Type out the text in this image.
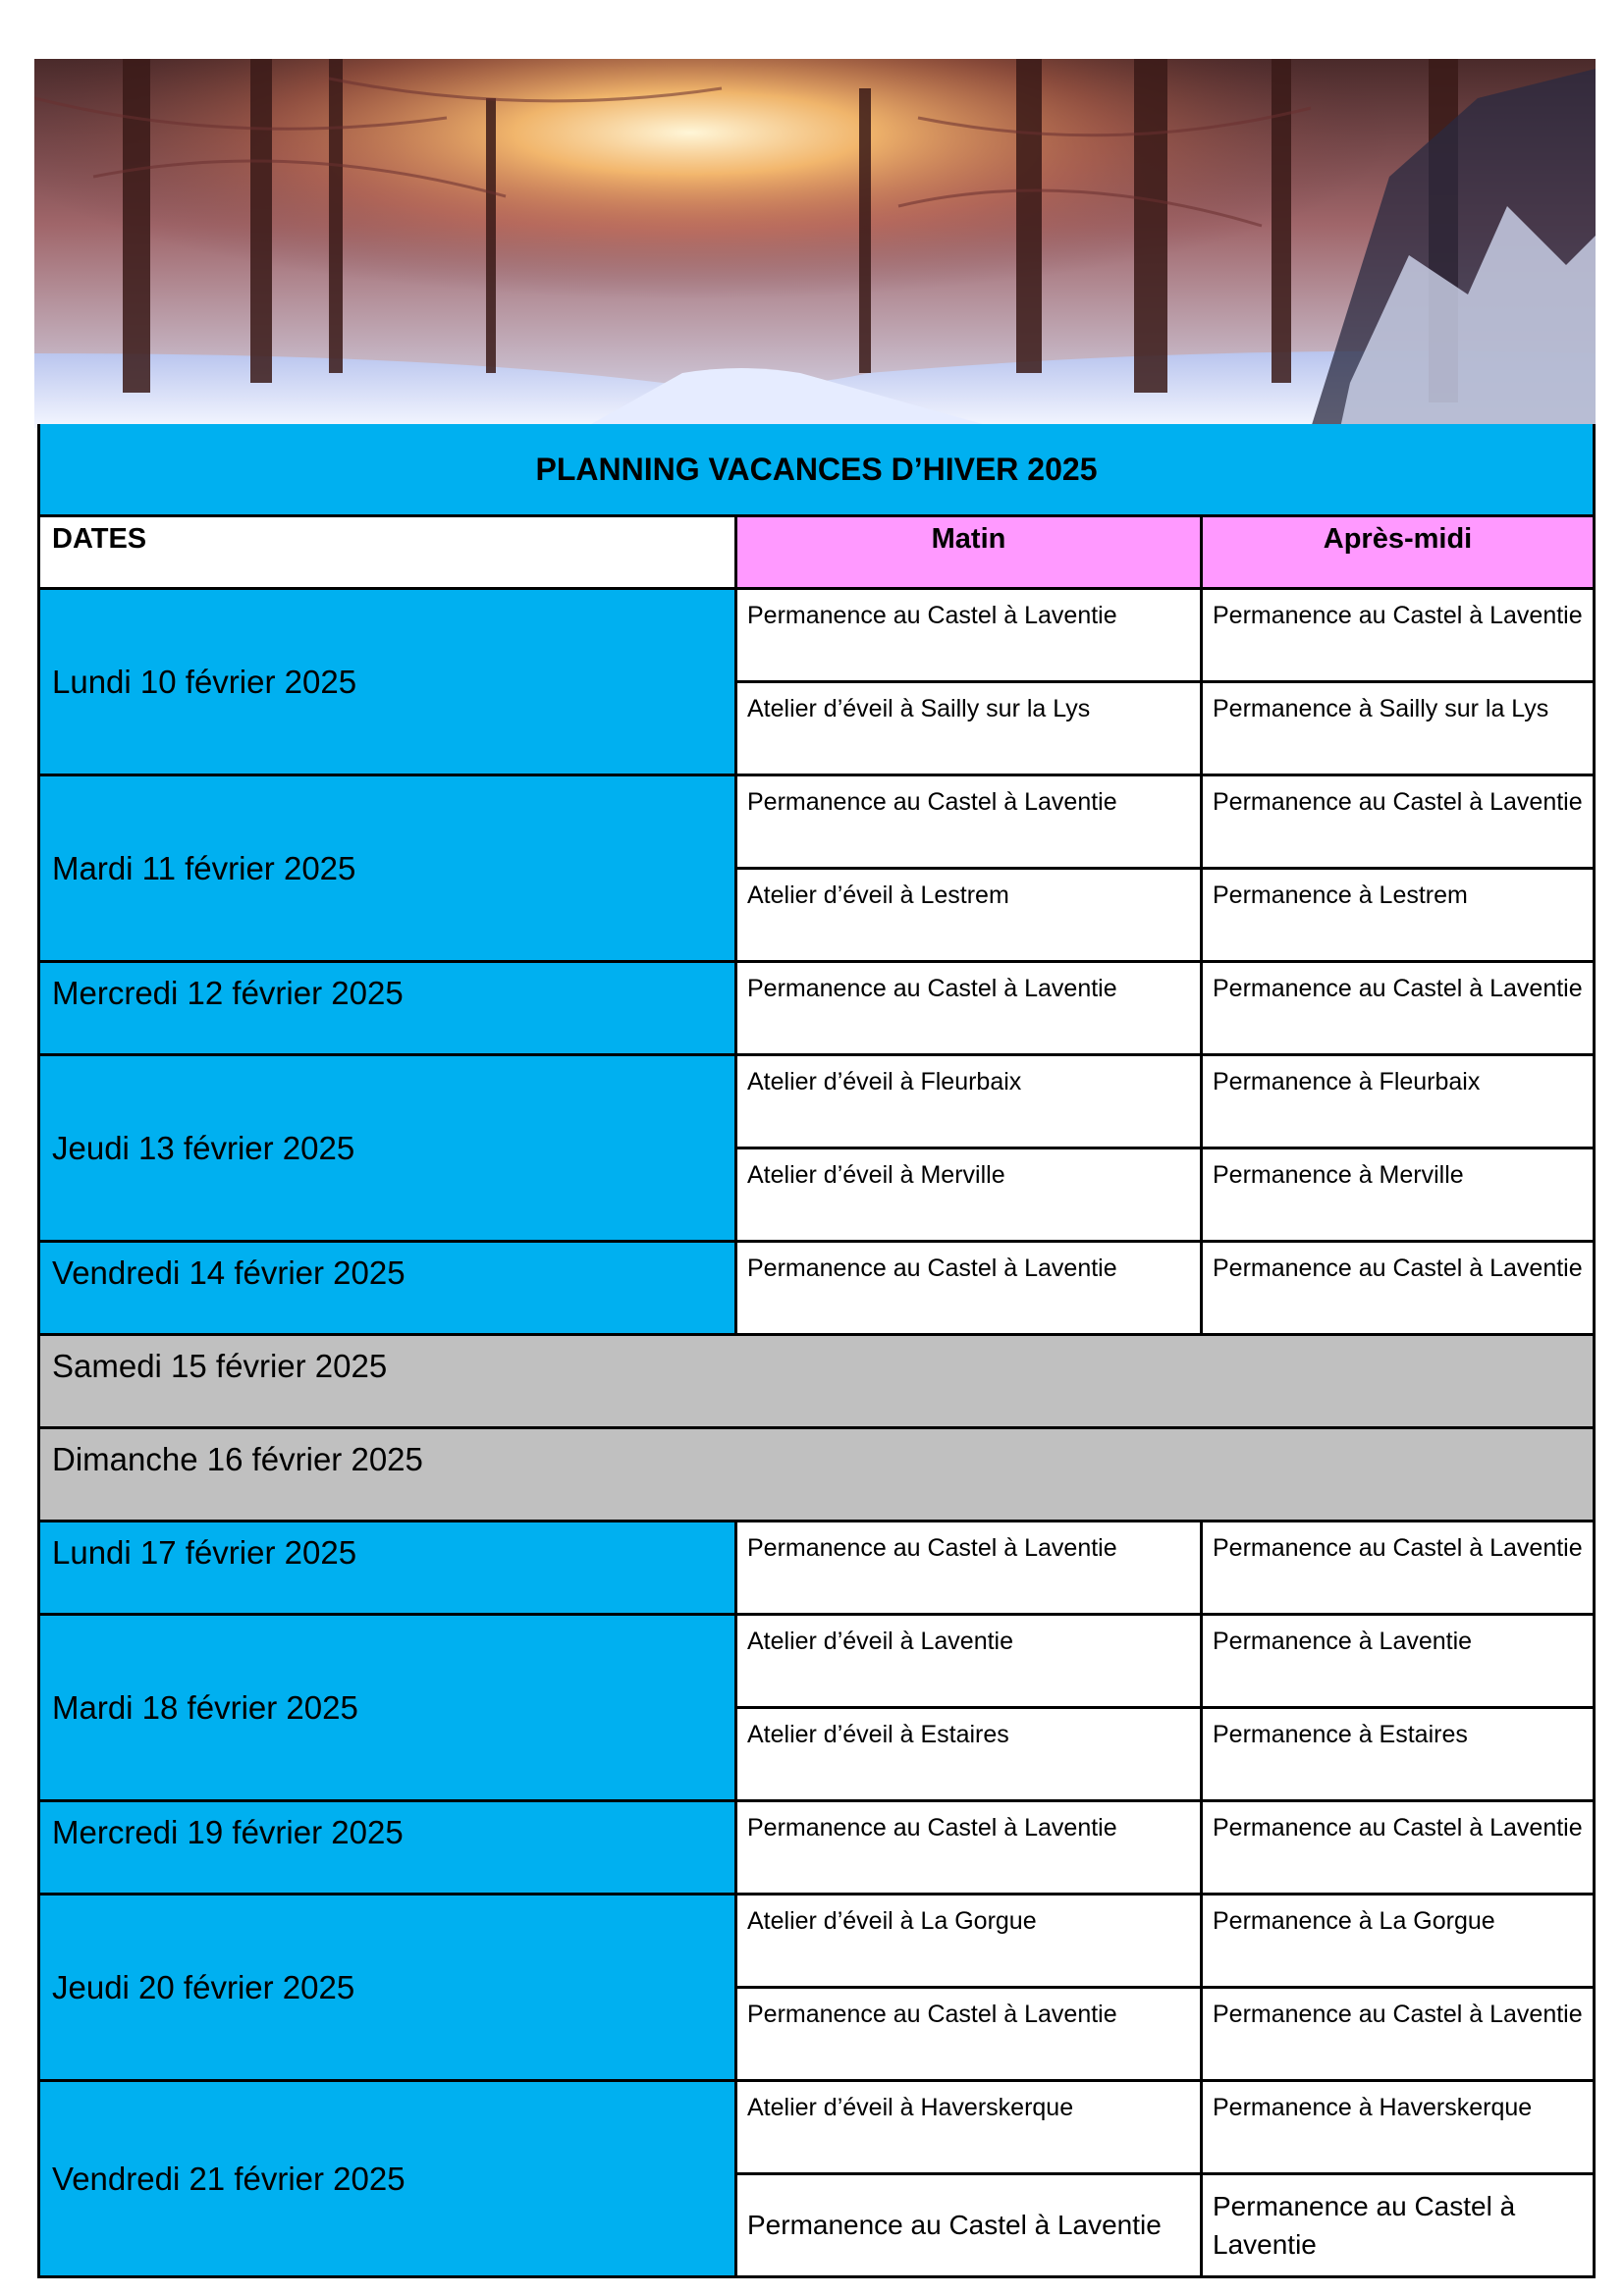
PLANNING VACANCES D’HIVER 2025		
DATES	Matin	Après-midi
Lundi 10 février 2025	Permanence au Castel à Laventie	Permanence au Castel à Laventie
	Atelier d’éveil à Sailly sur la Lys	Permanence à Sailly sur la Lys
Mardi 11 février 2025	Permanence au Castel à Laventie	Permanence au Castel à Laventie
	Atelier d’éveil à Lestrem	Permanence à Lestrem
Mercredi 12 février 2025	Permanence au Castel à Laventie	Permanence au Castel à Laventie
Jeudi 13 février 2025	Atelier d’éveil à Fleurbaix	Permanence à Fleurbaix
	Atelier d’éveil à Merville	Permanence à Merville
Vendredi 14 février 2025	Permanence au Castel à Laventie	Permanence au Castel à Laventie
Samedi 15 février 2025		
Dimanche 16 février 2025		
Lundi 17 février 2025	Permanence au Castel à Laventie	Permanence au Castel à Laventie
Mardi 18 février 2025	Atelier d’éveil à Laventie	Permanence à Laventie
	Atelier d’éveil à Estaires	Permanence à Estaires
Mercredi 19 février 2025	Permanence au Castel à Laventie	Permanence au Castel à Laventie
Jeudi 20 février 2025	Atelier d’éveil à La Gorgue	Permanence à La Gorgue
	Permanence au Castel à Laventie	Permanence au Castel à Laventie
Vendredi 21 février 2025	Atelier d’éveil à Haverskerque	Permanence à Haverskerque
	Permanence au Castel à Laventie	Permanence au Castel à Laventie
